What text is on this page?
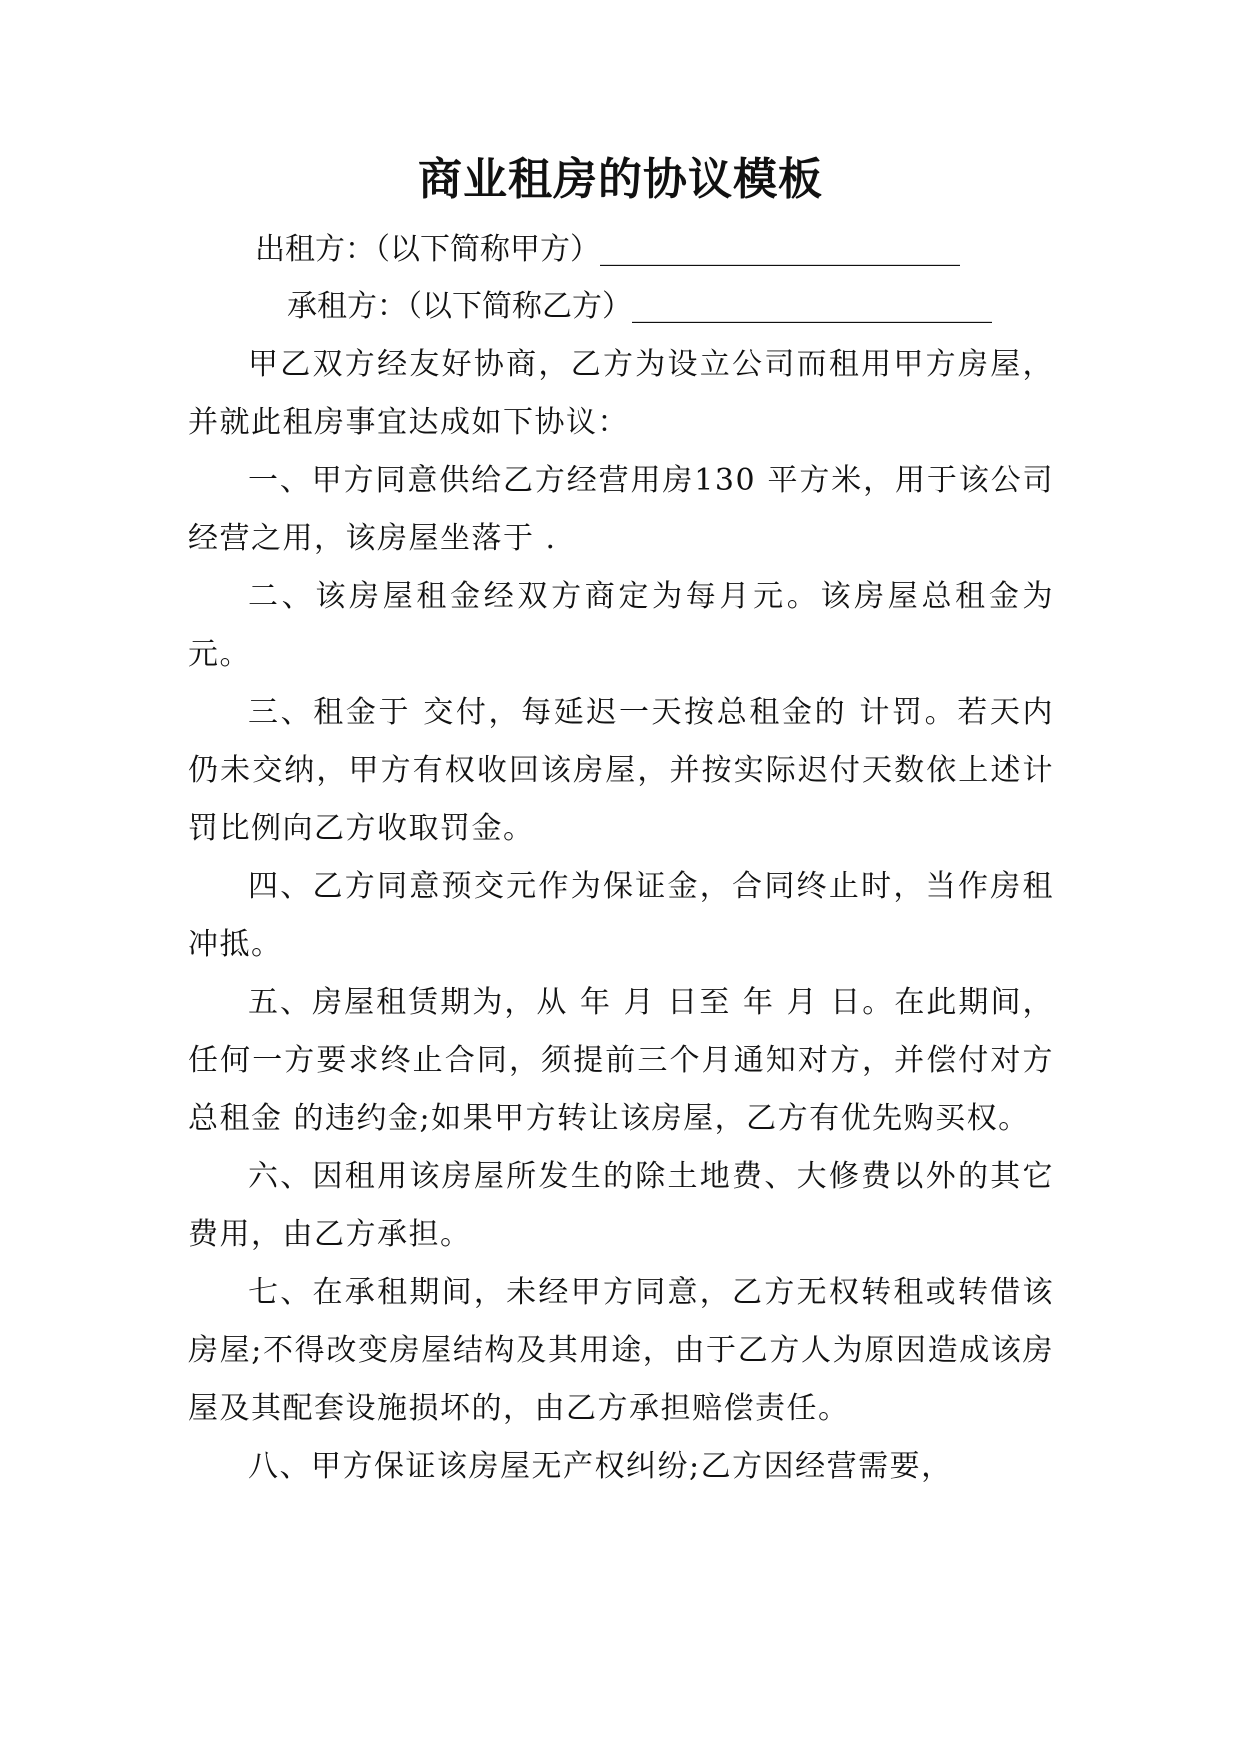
商业租房的协议模板

出租方：（以下简称甲方）________________________

承租方：（以下简称乙方）________________________

甲乙双方经友好协商，乙方为设立公司而租用甲方房屋，并就此租房事宜达成如下协议：

一、甲方同意供给乙方经营用房130 平方米，用于该公司经营之用，该房屋坐落于 .

二、该房屋租金经双方商定为每月元。该房屋总租金为 元。

三、租金于 交付，每延迟一天按总租金的 计罚。若天内仍未交纳，甲方有权收回该房屋，并按实际迟付天数依上述计罚比例向乙方收取罚金。

四、乙方同意预交元作为保证金，合同终止时，当作房租冲抵。

五、房屋租赁期为，从 年 月 日至 年 月 日。在此期间，任何一方要求终止合同，须提前三个月通知对方，并偿付对方总租金 的违约金;如果甲方转让该房屋，乙方有优先购买权。

六、因租用该房屋所发生的除土地费、大修费以外的其它费用，由乙方承担。

七、在承租期间，未经甲方同意，乙方无权转租或转借该房屋;不得改变房屋结构及其用途，由于乙方人为原因造成该房屋及其配套设施损坏的，由乙方承担赔偿责任。

八、甲方保证该房屋无产权纠纷;乙方因经营需要，
